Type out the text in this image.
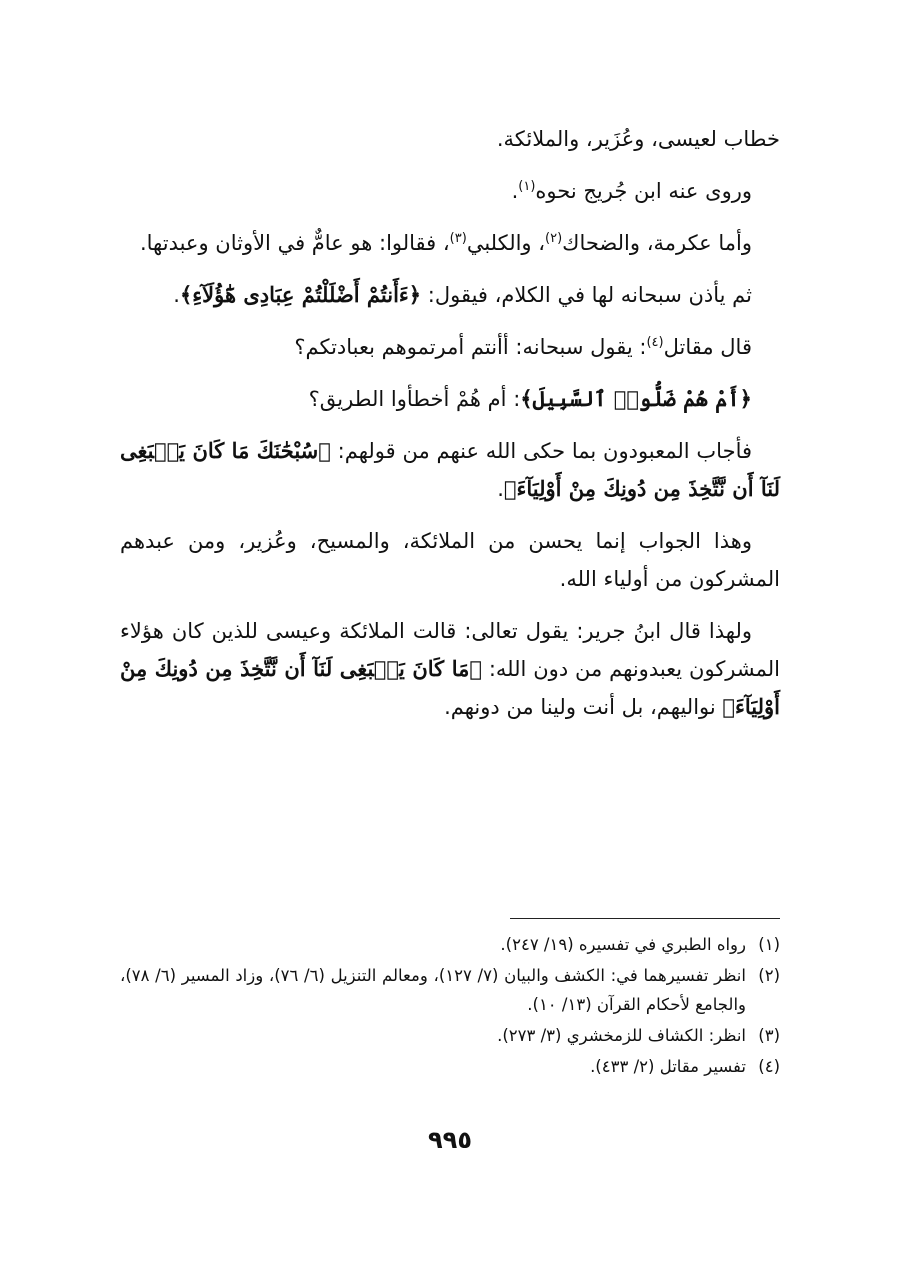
خطاب لعيسى، وعُزَير، والملائكة.

وروى عنه ابن جُريج نحوه$^{(١)}$.

وأما عكرمة، والضحاك$^{(٢)}$، والكلبي$^{(٣)}$، فقالوا: هو عامٌّ في الأوثان وعبدتها.

ثم يأذن سبحانه لها في الكلام، فيقول: ﴿ءَأَنتُمْ أَضْلَلْتُمْ عِبَادِى هَٰٓؤُلَآءِ﴾.

قال مقاتل$^{(٤)}$: يقول سبحانه: أأنتم أمرتموهم بعبادتكم؟

﴿أَمْ هُمْ ضَلُّوا۟ ٱلسَّبِيلَ﴾: أم هُمْ أخطأوا الطريق؟

فأجاب المعبودون بما حكى الله عنهم من قولهم: ﴿سُبْحَٰنَكَ مَا كَانَ يَنۢبَغِى لَنَآ أَن نَّتَّخِذَ مِن دُونِكَ مِنْ أَوْلِيَآءَ﴾.

وهذا الجواب إنما يحسن من الملائكة، والمسيح، وعُزير، ومن عبدهم المشركون من أولياء الله.

ولهذا قال ابنُ جرير: يقول تعالى: قالت الملائكة وعيسى للذين كان هؤلاء المشركون يعبدونهم من دون الله: ﴿مَا كَانَ يَنۢبَغِى لَنَآ أَن نَّتَّخِذَ مِن دُونِكَ مِنْ أَوْلِيَآءَ﴾ نواليهم، بل أنت ولينا من دونهم.

(١)
رواه الطبري في تفسيره (١٩/ ٢٤٧).
(٢)
انظر تفسيرهما في: الكشف والبيان (٧/ ١٢٧)، ومعالم التنزيل (٦/ ٧٦)، وزاد المسير (٦/ ٧٨)، والجامع لأحكام القرآن (١٣/ ١٠).
(٣)
انظر: الكشاف للزمخشري (٣/ ٢٧٣).
(٤)
تفسير مقاتل (٢/ ٤٣٣).
٩٩٥
